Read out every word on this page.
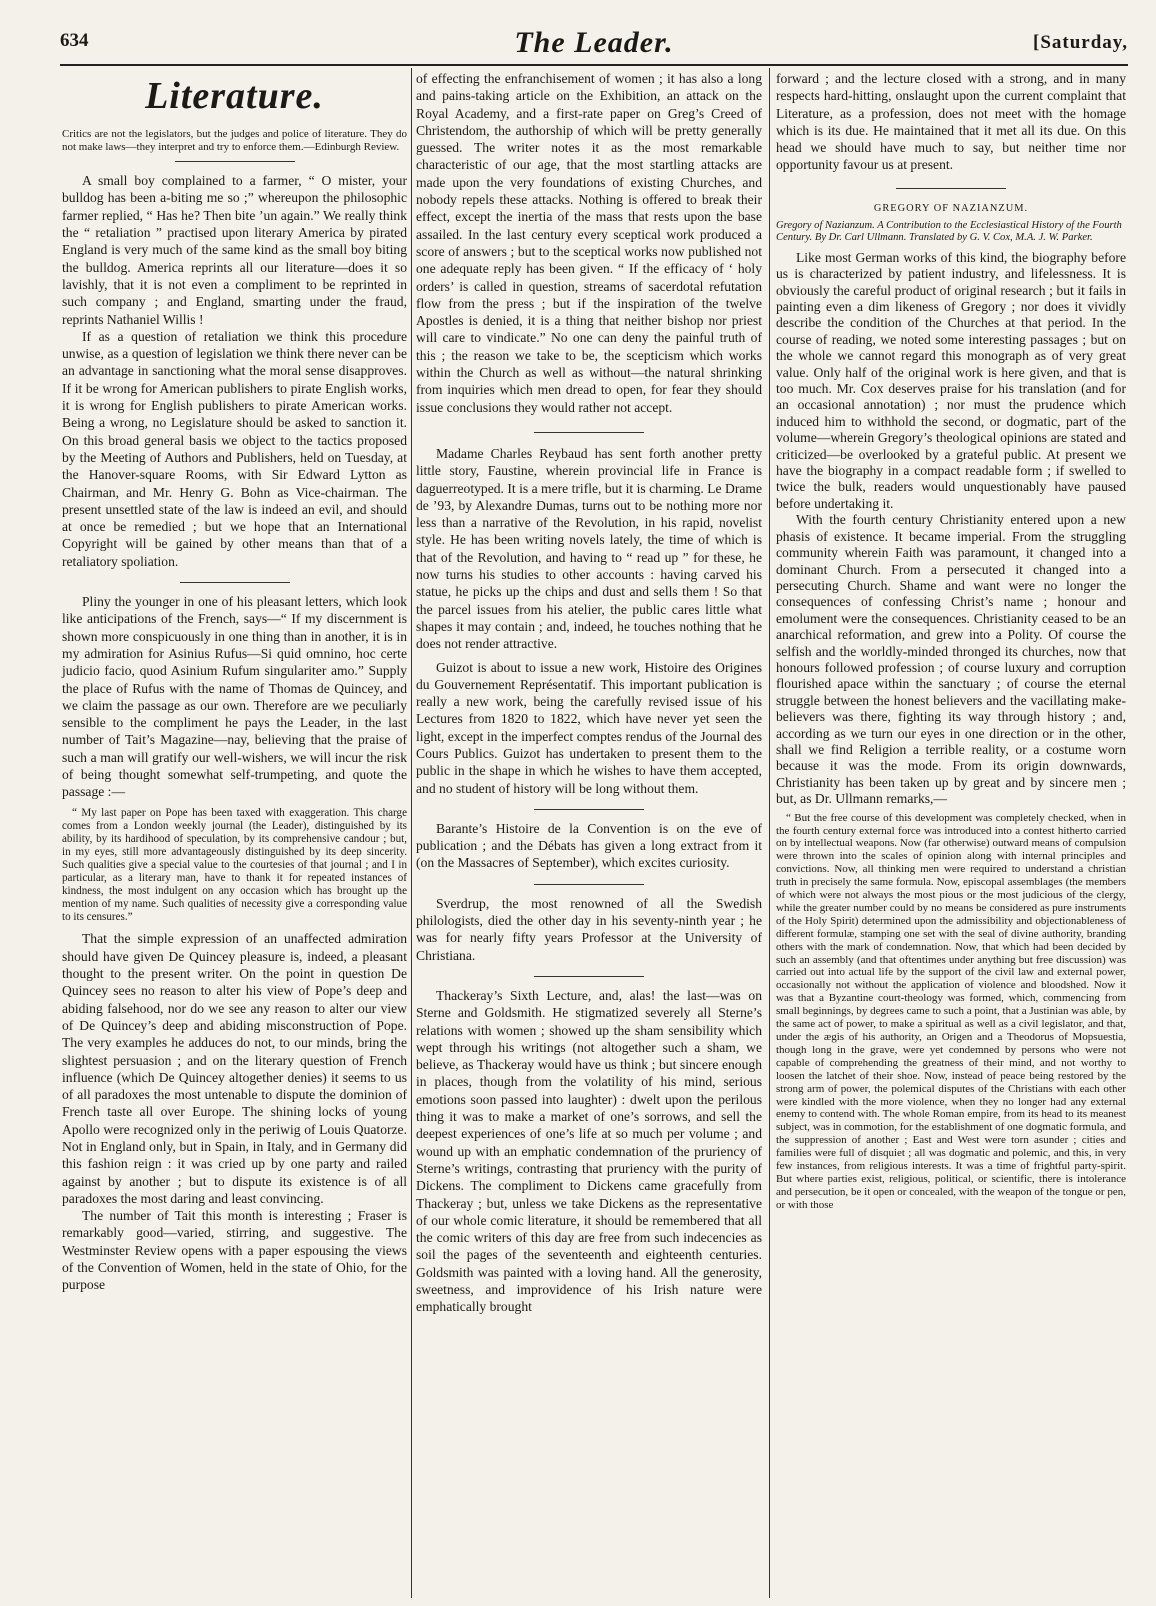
634	The Leader.	[Saturday,
Literature.
Critics are not the legislators, but the judges and police of literature. They do not make laws—they interpret and try to enforce them.—Edinburgh Review.

A small boy complained to a farmer, “ O mister, your bulldog has been a-biting me so ;” whereupon the philosophic farmer replied, “ Has he? Then bite ’un again.” We really think the “ retaliation ” practised upon literary America by pirated England is very much of the same kind as the small boy biting the bulldog. America reprints all our literature—does it so lavishly, that it is not even a compliment to be reprinted in such company ; and England, smarting under the fraud, reprints Nathaniel Willis !

If as a question of retaliation we think this procedure unwise, as a question of legislation we think there never can be an advantage in sanctioning what the moral sense disapproves. If it be wrong for American publishers to pirate English works, it is wrong for English publishers to pirate American works. Being a wrong, no Legislature should be asked to sanction it. On this broad general basis we object to the tactics proposed by the Meeting of Authors and Publishers, held on Tuesday, at the Hanover-square Rooms, with Sir Edward Lytton as Chairman, and Mr. Henry G. Bohn as Vice-chairman. The present unsettled state of the law is indeed an evil, and should at once be remedied ; but we hope that an International Copyright will be gained by other means than that of a retaliatory spoliation.

Pliny the younger in one of his pleasant letters, which look like anticipations of the French, says—“ If my discernment is shown more conspicuously in one thing than in another, it is in my admiration for Asinius Rufus—Si quid omnino, hoc certe judicio facio, quod Asinium Rufum singulariter amo.” Supply the place of Rufus with the name of Thomas de Quincey, and we claim the passage as our own. Therefore are we peculiarly sensible to the compliment he pays the Leader, in the last number of Tait’s Magazine—nay, believing that the praise of such a man will gratify our well-wishers, we will incur the risk of being thought somewhat self-trumpeting, and quote the passage :—

“ My last paper on Pope has been taxed with exaggeration. This charge comes from a London weekly journal (the Leader), distinguished by its ability, by its hardihood of speculation, by its comprehensive candour ; but, in my eyes, still more advantageously distinguished by its deep sincerity. Such qualities give a special value to the courtesies of that journal ; and I in particular, as a literary man, have to thank it for repeated instances of kindness, the most indulgent on any occasion which has brought up the mention of my name. Such qualities of necessity give a corresponding value to its censures.”

That the simple expression of an unaffected admiration should have given De Quincey pleasure is, indeed, a pleasant thought to the present writer. On the point in question De Quincey sees no reason to alter his view of Pope’s deep and abiding falsehood, nor do we see any reason to alter our view of De Quincey’s deep and abiding misconstruction of Pope. The very examples he adduces do not, to our minds, bring the slightest persuasion ; and on the literary question of French influence (which De Quincey altogether denies) it seems to us of all paradoxes the most untenable to dispute the dominion of French taste all over Europe. The shining locks of young Apollo were recognized only in the periwig of Louis Quatorze. Not in England only, but in Spain, in Italy, and in Germany did this fashion reign : it was cried up by one party and railed against by another ; but to dispute its existence is of all paradoxes the most daring and least convincing.

The number of Tait this month is interesting ; Fraser is remarkably good—varied, stirring, and suggestive. The Westminster Review opens with a paper espousing the views of the Convention of Women, held in the state of Ohio, for the purpose

of effecting the enfranchisement of women ; it has also a long and pains-taking article on the Exhibition, an attack on the Royal Academy, and a first-rate paper on Greg’s Creed of Christendom, the authorship of which will be pretty generally guessed. The writer notes it as the most remarkable characteristic of our age, that the most startling attacks are made upon the very foundations of existing Churches, and nobody repels these attacks. Nothing is offered to break their effect, except the inertia of the mass that rests upon the base assailed. In the last century every sceptical work produced a score of answers ; but to the sceptical works now published not one adequate reply has been given. “ If the efficacy of ‘ holy orders’ is called in question, streams of sacerdotal refutation flow from the press ; but if the inspiration of the twelve Apostles is denied, it is a thing that neither bishop nor priest will care to vindicate.” No one can deny the painful truth of this ; the reason we take to be, the scepticism which works within the Church as well as without—the natural shrinking from inquiries which men dread to open, for fear they should issue conclusions they would rather not accept.

Madame Charles Reybaud has sent forth another pretty little story, Faustine, wherein provincial life in France is daguerreotyped. It is a mere trifle, but it is charming. Le Drame de ’93, by Alexandre Dumas, turns out to be nothing more nor less than a narrative of the Revolution, in his rapid, novelist style. He has been writing novels lately, the time of which is that of the Revolution, and having to “ read up ” for these, he now turns his studies to other accounts : having carved his statue, he picks up the chips and dust and sells them ! So that the parcel issues from his atelier, the public cares little what shapes it may contain ; and, indeed, he touches nothing that he does not render attractive.

Guizot is about to issue a new work, Histoire des Origines du Gouvernement Représentatif. This important publication is really a new work, being the carefully revised issue of his Lectures from 1820 to 1822, which have never yet seen the light, except in the imperfect comptes rendus of the Journal des Cours Publics. Guizot has undertaken to present them to the public in the shape in which he wishes to have them accepted, and no student of history will be long without them.

Barante’s Histoire de la Convention is on the eve of publication ; and the Débats has given a long extract from it (on the Massacres of September), which excites curiosity.

Sverdrup, the most renowned of all the Swedish philologists, died the other day in his seventy-ninth year ; he was for nearly fifty years Professor at the University of Christiana.

Thackeray’s Sixth Lecture, and, alas! the last—was on Sterne and Goldsmith. He stigmatized severely all Sterne’s relations with women ; showed up the sham sensibility which wept through his writings (not altogether such a sham, we believe, as Thackeray would have us think ; but sincere enough in places, though from the volatility of his mind, serious emotions soon passed into laughter) : dwelt upon the perilous thing it was to make a market of one’s sorrows, and sell the deepest experiences of one’s life at so much per volume ; and wound up with an emphatic condemnation of the pruriency of Sterne’s writings, contrasting that pruriency with the purity of Dickens. The compliment to Dickens came gracefully from Thackeray ; but, unless we take Dickens as the representative of our whole comic literature, it should be remembered that all the comic writers of this day are free from such indecencies as soil the pages of the seventeenth and eighteenth centuries. Goldsmith was painted with a loving hand. All the generosity, sweetness, and improvidence of his Irish nature were emphatically brought

forward ; and the lecture closed with a strong, and in many respects hard-hitting, onslaught upon the current complaint that Literature, as a profession, does not meet with the homage which is its due. He maintained that it met all its due. On this head we should have much to say, but neither time nor opportunity favour us at present.

GREGORY OF NAZIANZUM.
Gregory of Nazianzum. A Contribution to the Ecclesiastical History of the Fourth Century. By Dr. Carl Ullmann. Translated by G. V. Cox, M.A. J. W. Parker.

Like most German works of this kind, the biography before us is characterized by patient industry, and lifelessness. It is obviously the careful product of original research ; but it fails in painting even a dim likeness of Gregory ; nor does it vividly describe the condition of the Churches at that period. In the course of reading, we noted some interesting passages ; but on the whole we cannot regard this monograph as of very great value. Only half of the original work is here given, and that is too much. Mr. Cox deserves praise for his translation (and for an occasional annotation) ; nor must the prudence which induced him to withhold the second, or dogmatic, part of the volume—wherein Gregory’s theological opinions are stated and criticized—be overlooked by a grateful public. At present we have the biography in a compact readable form ; if swelled to twice the bulk, readers would unquestionably have paused before undertaking it.

With the fourth century Christianity entered upon a new phasis of existence. It became imperial. From the struggling community wherein Faith was paramount, it changed into a dominant Church. From a persecuted it changed into a persecuting Church. Shame and want were no longer the consequences of confessing Christ’s name ; honour and emolument were the consequences. Christianity ceased to be an anarchical reformation, and grew into a Polity. Of course the selfish and the worldly-minded thronged its churches, now that honours followed profession ; of course luxury and corruption flourished apace within the sanctuary ; of course the eternal struggle between the honest believers and the vacillating make-believers was there, fighting its way through history ; and, according as we turn our eyes in one direction or in the other, shall we find Religion a terrible reality, or a costume worn because it was the mode. From its origin downwards, Christianity has been taken up by great and by sincere men ; but, as Dr. Ullmann remarks,—

“ But the free course of this development was completely checked, when in the fourth century external force was introduced into a contest hitherto carried on by intellectual weapons. Now (far otherwise) outward means of compulsion were thrown into the scales of opinion along with internal principles and convictions. Now, all thinking men were required to understand a christian truth in precisely the same formula. Now, episcopal assemblages (the members of which were not always the most pious or the most judicious of the clergy, while the greater number could by no means be considered as pure instruments of the Holy Spirit) determined upon the admissibility and objectionableness of different formulæ, stamping one set with the seal of divine authority, branding others with the mark of condemnation. Now, that which had been decided by such an assembly (and that oftentimes under anything but free discussion) was carried out into actual life by the support of the civil law and external power, occasionally not without the application of violence and bloodshed. Now it was that a Byzantine court-theology was formed, which, commencing from small beginnings, by degrees came to such a point, that a Justinian was able, by the same act of power, to make a spiritual as well as a civil legislator, and that, under the ægis of his authority, an Origen and a Theodorus of Mopsuestia, though long in the grave, were yet condemned by persons who were not capable of comprehending the greatness of their mind, and not worthy to loosen the latchet of their shoe. Now, instead of peace being restored by the strong arm of power, the polemical disputes of the Christians with each other were kindled with the more violence, when they no longer had any external enemy to contend with. The whole Roman empire, from its head to its meanest subject, was in commotion, for the establishment of one dogmatic formula, and the suppression of another ; East and West were torn asunder ; cities and families were full of disquiet ; all was dogmatic and polemic, and this, in very few instances, from religious interests. It was a time of frightful party-spirit. But where parties exist, religious, political, or scientific, there is intolerance and persecution, be it open or concealed, with the weapon of the tongue or pen, or with those
